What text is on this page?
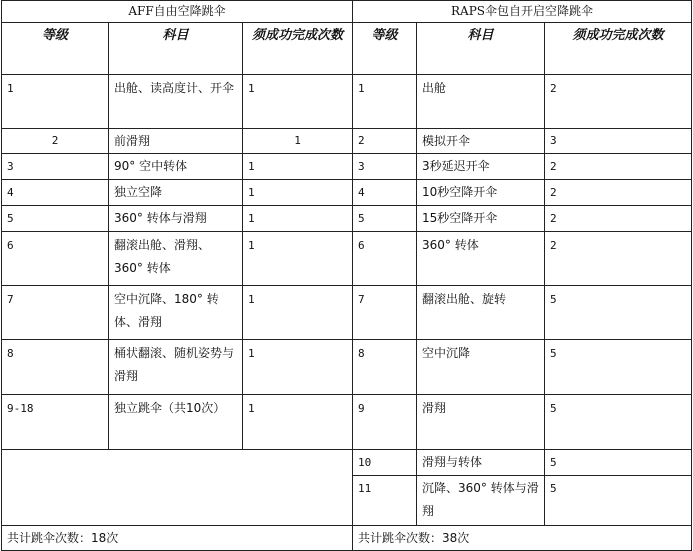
AFF自由空降跳伞			RAPS伞包自开启空降跳伞		
等级	科目	须成功完成次数	等级	科目	须成功完成次数
1	出舱、读高度计、开伞	1	1	出舱	2
2	前滑翔	1	2	模拟开伞	3
3	90° 空中转体	1	3	3秒延迟开伞	2
4	独立空降	1	4	10秒空降开伞	2
5	360° 转体与滑翔	1	5	15秒空降开伞	2
6	翻滚出舱、滑翔、360° 转体	1	6	360° 转体	2
7	空中沉降、180° 转体、滑翔	1	7	翻滚出舱、旋转	5
8	桶状翻滚、随机姿势与滑翔	1	8	空中沉降	5
9-18	独立跳伞（共10次）	1	9	滑翔	5
			10	滑翔与转体	5
			11	沉降、360° 转体与滑翔	5
共计跳伞次数：18次			共计跳伞次数：38次		
